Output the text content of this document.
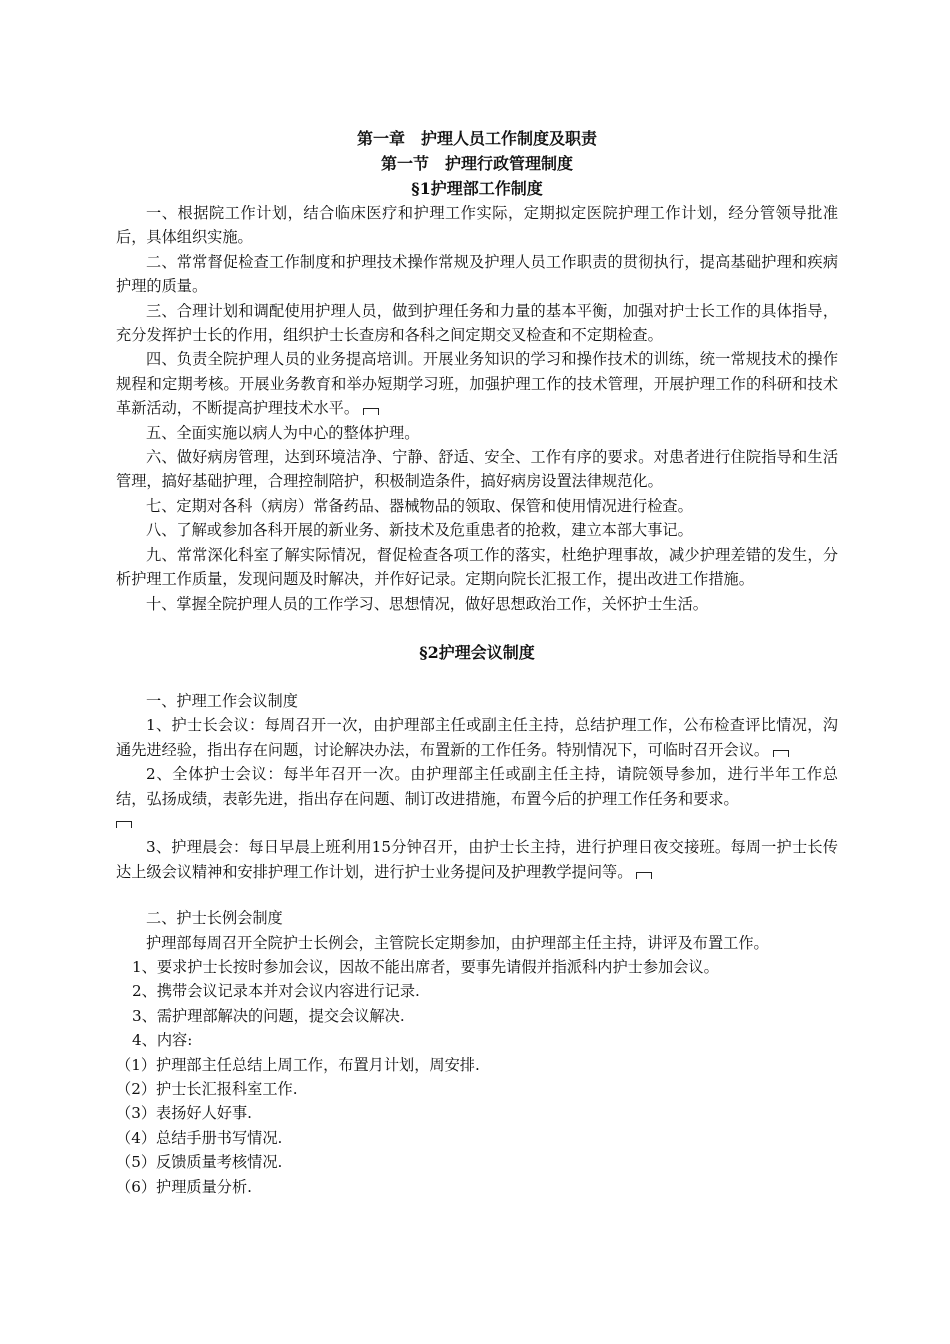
第一章　护理人员工作制度及职责
第一节　护理行政管理制度
§1护理部工作制度

一、根据院工作计划，结合临床医疗和护理工作实际，定期拟定医院护理工作计划，经分管领导批准后，具体组织实施。

二、常常督促检查工作制度和护理技术操作常规及护理人员工作职责的贯彻执行，提高基础护理和疾病护理的质量。

三、合理计划和调配使用护理人员，做到护理任务和力量的基本平衡，加强对护士长工作的具体指导，充分发挥护士长的作用，组织护士长查房和各科之间定期交叉检查和不定期检查。

四、负责全院护理人员的业务提高培训。开展业务知识的学习和操作技术的训练，统一常规技术的操作规程和定期考核。开展业务教育和举办短期学习班，加强护理工作的技术管理，开展护理工作的科研和技术革新活动，不断提高护理技术水平。

五、全面实施以病人为中心的整体护理。

六、做好病房管理，达到环境洁净、宁静、舒适、安全、工作有序的要求。对患者进行住院指导和生活管理，搞好基础护理，合理控制陪护，积极制造条件，搞好病房设置法律规范化。

七、定期对各科（病房）常备药品、器械物品的领取、保管和使用情况进行检查。

八、了解或参加各科开展的新业务、新技术及危重患者的抢救，建立本部大事记。

九、常常深化科室了解实际情况，督促检查各项工作的落实，杜绝护理事故，减少护理差错的发生，分析护理工作质量，发现问题及时解决，并作好记录。定期向院长汇报工作，提出改进工作措施。

十、掌握全院护理人员的工作学习、思想情况，做好思想政治工作，关怀护士生活。

§2护理会议制度

一、护理工作会议制度

1、护士长会议：每周召开一次，由护理部主任或副主任主持，总结护理工作，公布检查评比情况，沟通先进经验，指出存在问题，讨论解决办法，布置新的工作任务。特别情况下，可临时召开会议。

2、全体护士会议：每半年召开一次。由护理部主任或副主任主持，请院领导参加，进行半年工作总结，弘扬成绩，表彰先进，指出存在问题、制订改进措施，布置今后的护理工作任务和要求。

3、护理晨会：每日早晨上班利用15分钟召开，由护士长主持，进行护理日夜交接班。每周一护士长传达上级会议精神和安排护理工作计划，进行护士业务提问及护理教学提问等。

二、护士长例会制度

护理部每周召开全院护士长例会，主管院长定期参加，由护理部主任主持，讲评及布置工作。

1、要求护士长按时参加会议，因故不能出席者，要事先请假并指派科内护士参加会议。

2、携带会议记录本并对会议内容进行记录.

3、需护理部解决的问题，提交会议解决.

4、内容:

（1）护理部主任总结上周工作，布置月计划，周安排.

（2）护士长汇报科室工作.

（3）表扬好人好事.

（4）总结手册书写情况.

（5）反馈质量考核情况.

（6）护理质量分析.
